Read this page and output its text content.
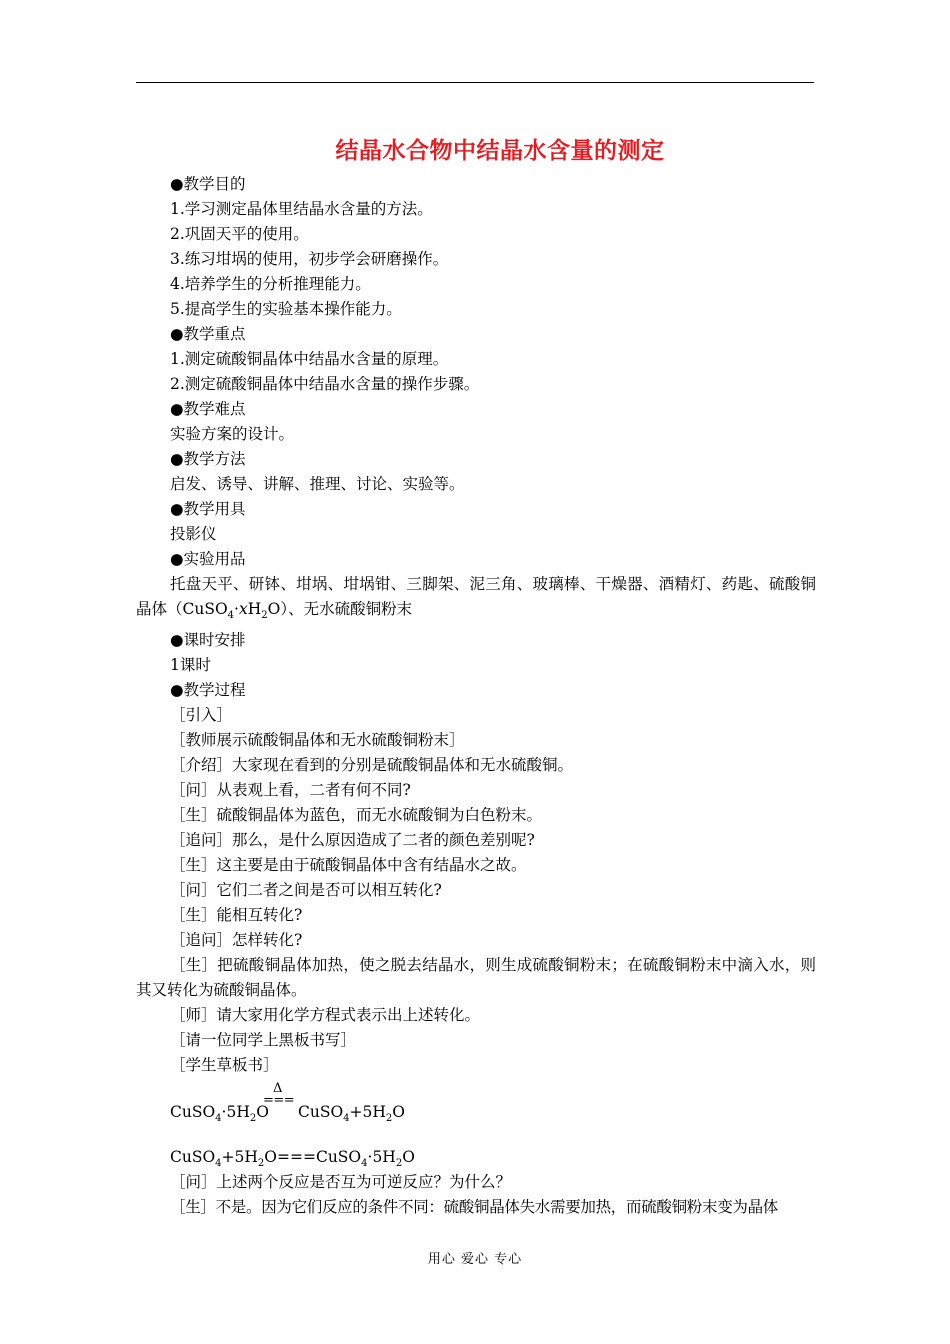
结晶水合物中结晶水含量的测定
●教学目的
1.学习测定晶体里结晶水含量的方法。
2.巩固天平的使用。
3.练习坩埚的使用，初步学会研磨操作。
4.培养学生的分析推理能力。
5.提高学生的实验基本操作能力。
●教学重点
1.测定硫酸铜晶体中结晶水含量的原理。
2.测定硫酸铜晶体中结晶水含量的操作步骤。
●教学难点
实验方案的设计。
●教学方法
启发、诱导、讲解、推理、讨论、实验等。
●教学用具
投影仪
●实验用品
托盘天平、研钵、坩埚、坩埚钳、三脚架、泥三角、玻璃棒、干燥器、酒精灯、药匙、硫酸铜晶体$(CuSO_4\cdot xH_2O)$、无水硫酸铜粉末
●课时安排
1课时
●教学过程
［引入］
［教师展示硫酸铜晶体和无水硫酸铜粉末］
［介绍］大家现在看到的分别是硫酸铜晶体和无水硫酸铜。
［问］从表观上看，二者有何不同?
［生］硫酸铜晶体为蓝色，而无水硫酸铜为白色粉末。
［追问］那么，是什么原因造成了二者的颜色差别呢?
［生］这主要是由于硫酸铜晶体中含有结晶水之故。
［问］它们二者之间是否可以相互转化?
［生］能相互转化?
［追问］怎样转化?
［生］把硫酸铜晶体加热，使之脱去结晶水，则生成硫酸铜粉末；在硫酸铜粉末中滴入水，则其又转化为硫酸铜晶体。
［师］请大家用化学方程式表示出上述转化。
［请一位同学上黑板书写］
［学生草板书］
Δ
===
$CuSO_4\cdot 5H_2O$ $CuSO_4+5H_2O$
$CuSO_4+5H_2O===CuSO_4\cdot 5H_2O$
［问］上述两个反应是否互为可逆反应？为什么？
［生］不是。因为它们反应的条件不同：硫酸铜晶体失水需要加热，而硫酸铜粉末变为晶体
用心 爱心 专心
